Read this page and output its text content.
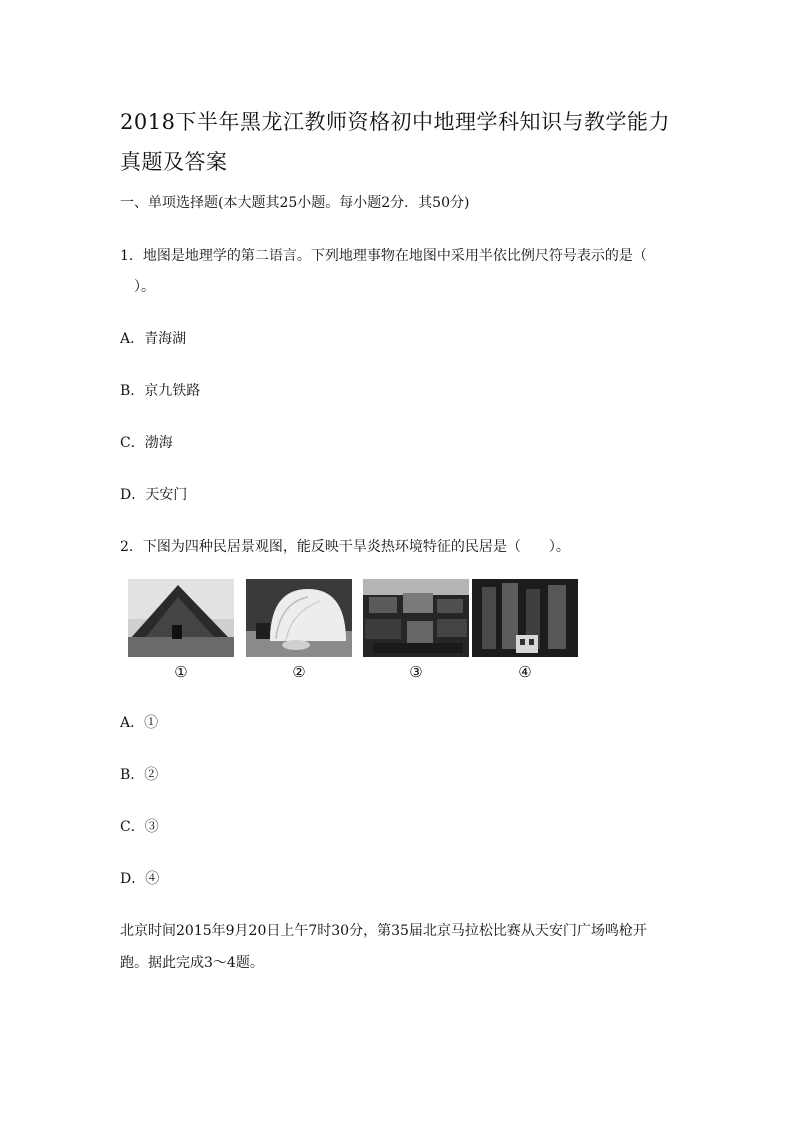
2018下半年黑龙江教师资格初中地理学科知识与教学能力
真题及答案
一、单项选择题(本大题其25小题。每小题2分．其50分)
1．地图是地理学的第二语言。下列地理事物在地图中采用半依比例尺符号表示的是（
）。
A．青海湖
B．京九铁路
C．渤海
D．天安门
2．下图为四种民居景观图，能反映干旱炎热环境特征的民居是（　　）。
①	②	③	④
A．①
B．②
C．③
D．④
北京时间2015年9月20日上午7时30分，第35届北京马拉松比赛从天安门广场鸣枪开
跑。据此完成3～4题。
